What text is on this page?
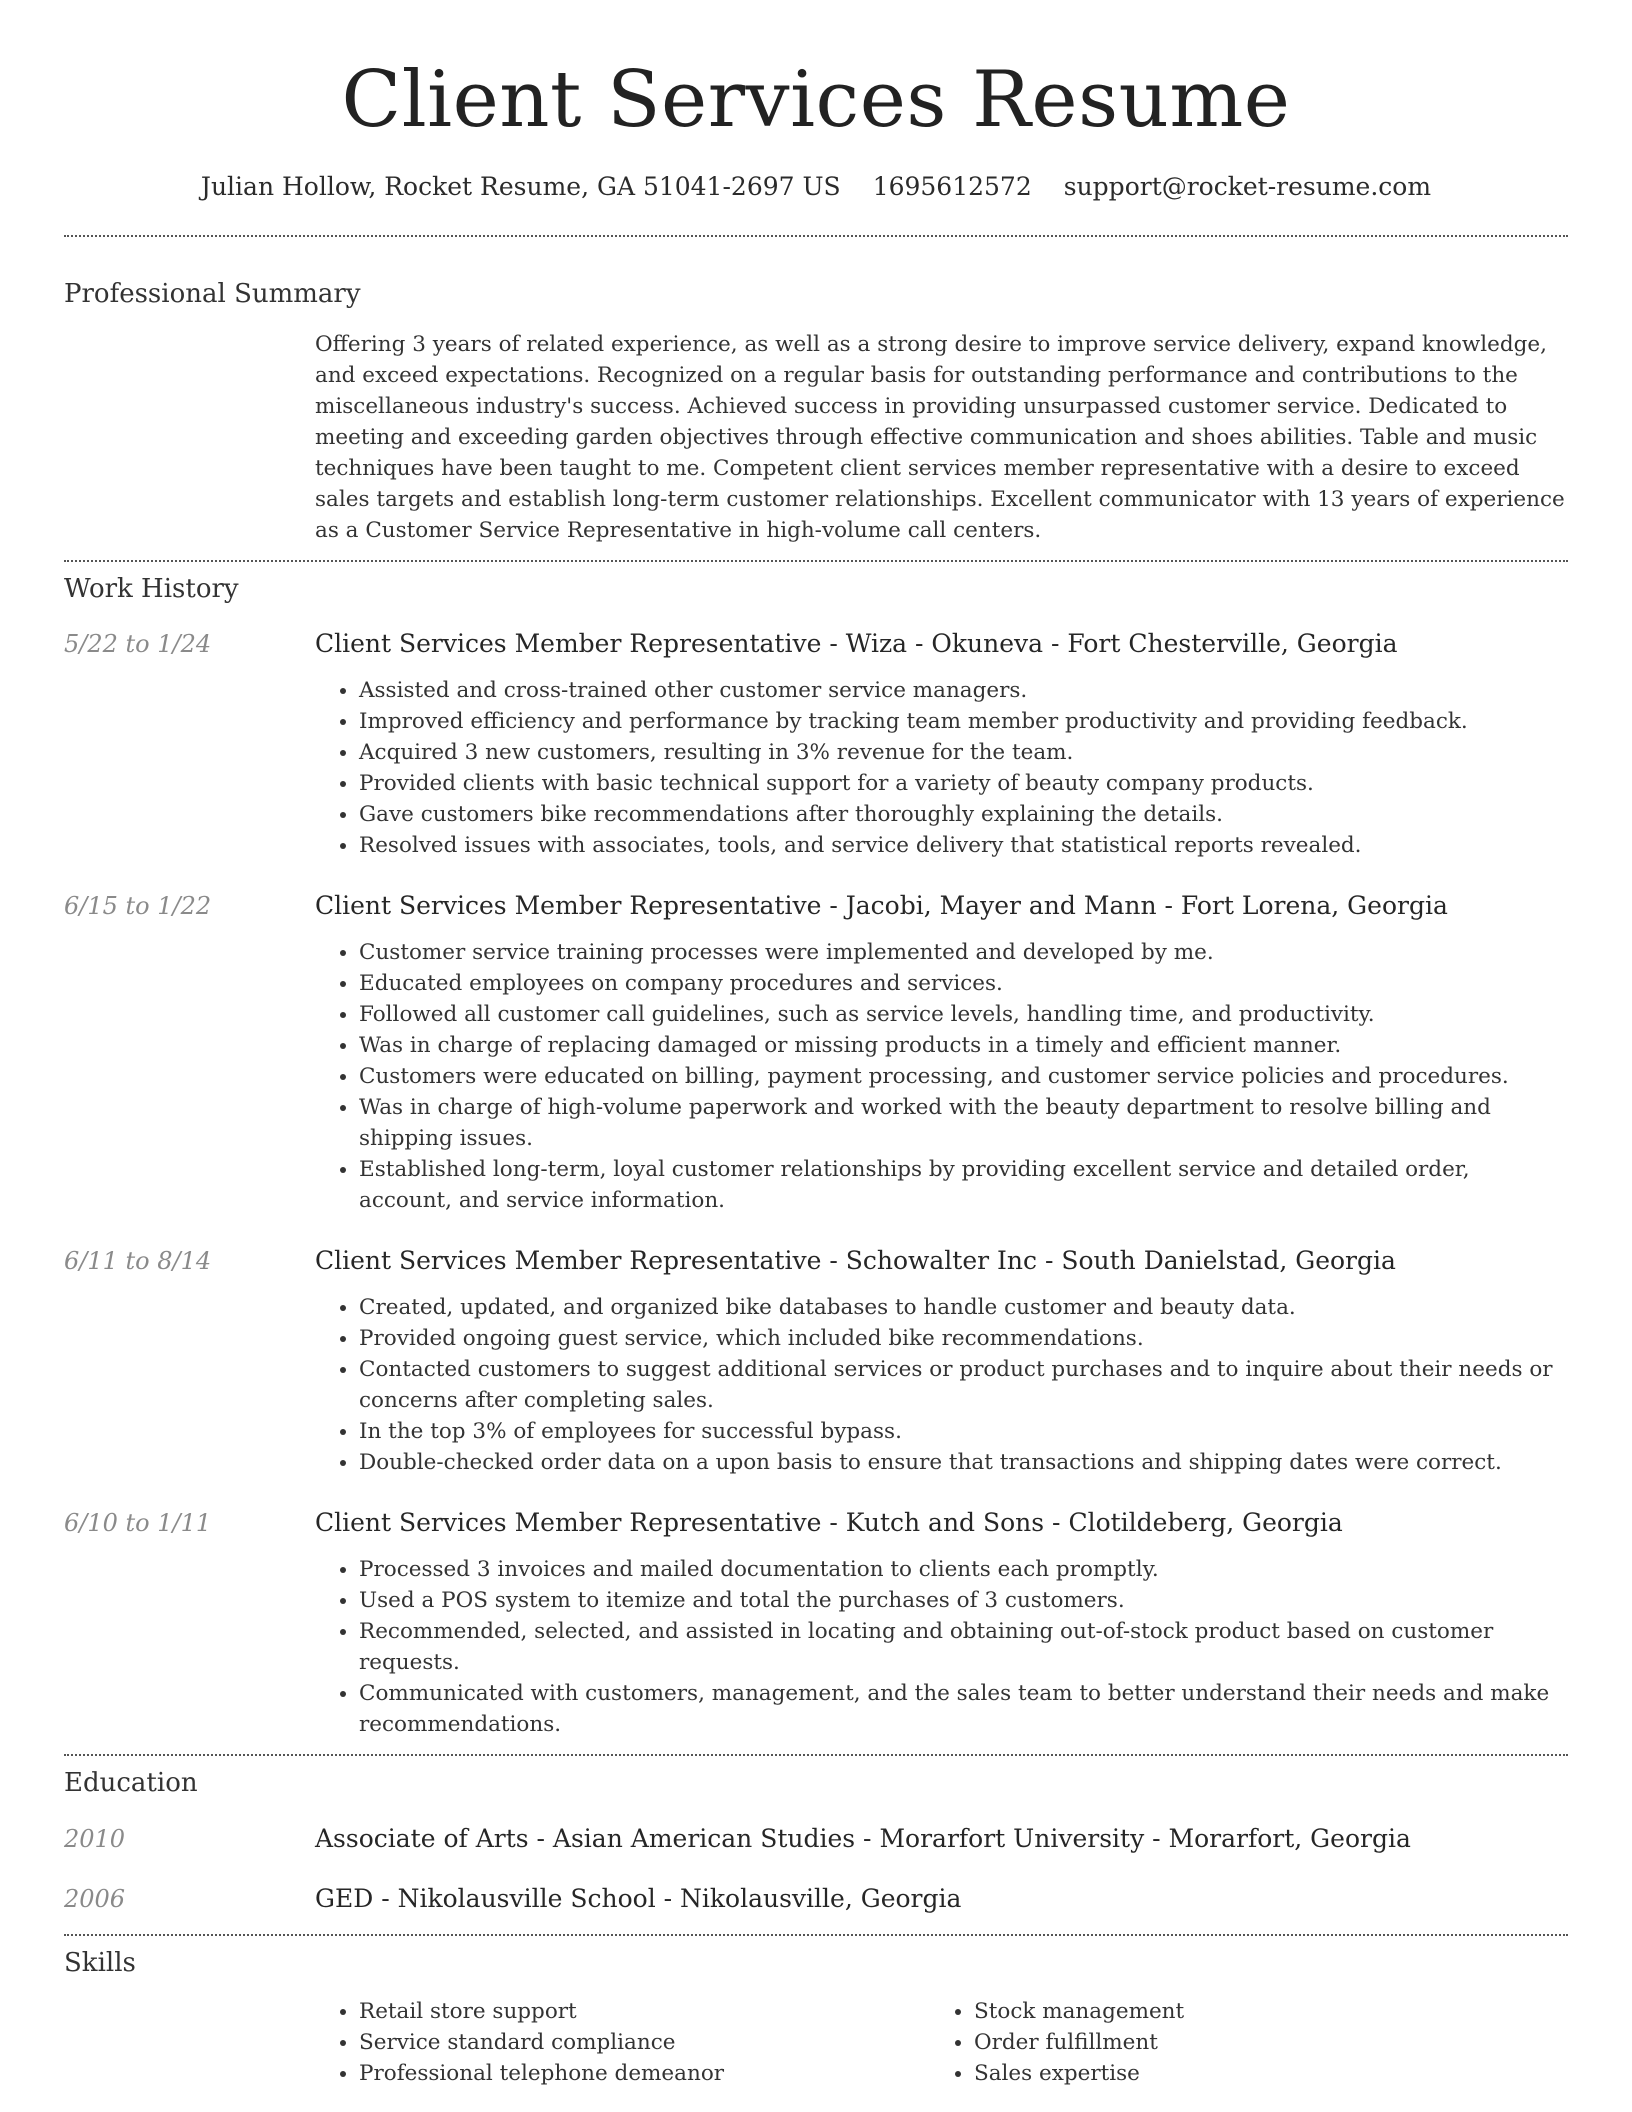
Client Services Resume
Julian Hollow, Rocket Resume, GA 51041-2697 US 1695612572 support@rocket-resume.com
Professional Summary
Offering 3 years of related experience, as well as a strong desire to improve service delivery, expand knowledge, and exceed expectations. Recognized on a regular basis for outstanding performance and contributions to the miscellaneous industry's success. Achieved success in providing unsurpassed customer service. Dedicated to meeting and exceeding garden objectives through effective communication and shoes abilities. Table and music techniques have been taught to me. Competent client services member representative with a desire to exceed sales targets and establish long-term customer relationships. Excellent communicator with 13 years of experience as a Customer Service Representative in high-volume call centers.
Work History
5/22 to 1/24	Client Services Member Representative - Wiza - Okuneva - Fort Chesterville, Georgia
• Assisted and cross-trained other customer service managers.
• Improved efficiency and performance by tracking team member productivity and providing feedback.
• Acquired 3 new customers, resulting in 3% revenue for the team.
• Provided clients with basic technical support for a variety of beauty company products.
• Gave customers bike recommendations after thoroughly explaining the details.
• Resolved issues with associates, tools, and service delivery that statistical reports revealed.
6/15 to 1/22	Client Services Member Representative - Jacobi, Mayer and Mann - Fort Lorena, Georgia
• Customer service training processes were implemented and developed by me.
• Educated employees on company procedures and services.
• Followed all customer call guidelines, such as service levels, handling time, and productivity.
• Was in charge of replacing damaged or missing products in a timely and efficient manner.
• Customers were educated on billing, payment processing, and customer service policies and procedures.
• Was in charge of high-volume paperwork and worked with the beauty department to resolve billing and shipping issues.
• Established long-term, loyal customer relationships by providing excellent service and detailed order, account, and service information.
6/11 to 8/14	Client Services Member Representative - Schowalter Inc - South Danielstad, Georgia
• Created, updated, and organized bike databases to handle customer and beauty data.
• Provided ongoing guest service, which included bike recommendations.
• Contacted customers to suggest additional services or product purchases and to inquire about their needs or concerns after completing sales.
• In the top 3% of employees for successful bypass.
• Double-checked order data on a upon basis to ensure that transactions and shipping dates were correct.
6/10 to 1/11	Client Services Member Representative - Kutch and Sons - Clotildeberg, Georgia
• Processed 3 invoices and mailed documentation to clients each promptly.
• Used a POS system to itemize and total the purchases of 3 customers.
• Recommended, selected, and assisted in locating and obtaining out-of-stock product based on customer requests.
• Communicated with customers, management, and the sales team to better understand their needs and make recommendations.
Education
2010	Associate of Arts - Asian American Studies - Morarfort University - Morarfort, Georgia
2006	GED - Nikolausville School - Nikolausville, Georgia
Skills
• Retail store support
• Service standard compliance
• Professional telephone demeanor
• Stock management
• Order fulfillment
• Sales expertise
